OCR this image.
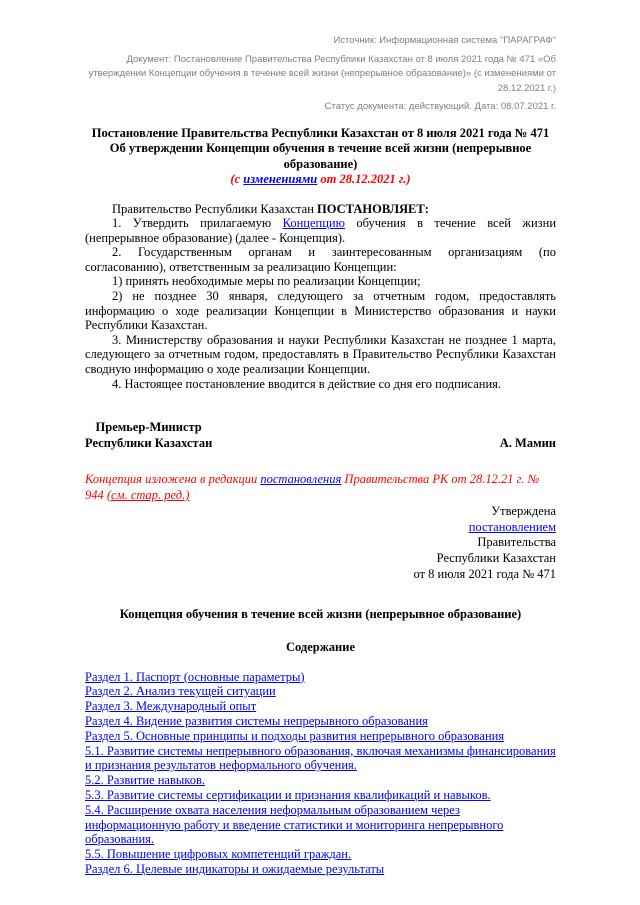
Источник: Информационная система "ПАРАГРАФ"
Документ: Постановление Правительства Республики Казахстан от 8 июля 2021 года № 471 «Об утверждении Концепции обучения в течение всей жизни (непрерывное образование)» (с изменениями от 28.12.2021 г.)
Статус документа: действующий. Дата: 08.07.2021 г.
Постановление Правительства Республики Казахстан от 8 июля 2021 года № 471
Об утверждении Концепции обучения в течение всей жизни (непрерывное образование)
(с изменениями от 28.12.2021 г.)

Правительство Республики Казахстан ПОСТАНОВЛЯЕТ:

1. Утвердить прилагаемую Концепцию обучения в течение всей жизни (непрерывное образование) (далее - Концепция).

2. Государственным органам и заинтересованным организациям (по согласованию), ответственным за реализацию Концепции:

1) принять необходимые меры по реализации Концепции;

2) не позднее 30 января, следующего за отчетным годом, предоставлять информацию о ходе реализации Концепции в Министерство образования и науки Республики Казахстан.

3. Министерству образования и науки Республики Казахстан не позднее 1 марта, следующего за отчетным годом, предоставлять в Правительство Республики Казахстан сводную информацию о ходе реализации Концепции.

4. Настоящее постановление вводится в действие со дня его подписания.

Премьер-Министр
Республики Казахстан	А. Мамин
Концепция изложена в редакции постановления Правительства РК от 28.12.21 г. № 944 (см. стар. ред.)
Утверждена
постановлением
Правительства
Республики Казахстан
от 8 июля 2021 года № 471
Концепция обучения в течение всей жизни (непрерывное образование)
Содержание
Раздел 1. Паспорт (основные параметры)
Раздел 2. Анализ текущей ситуации
Раздел 3. Международный опыт
Раздел 4. Видение развития системы непрерывного образования
Раздел 5. Основные принципы и подходы развития непрерывного образования
5.1. Развитие системы непрерывного образования, включая механизмы финансирования и признания результатов неформального обучения.
5.2. Развитие навыков.
5.3. Развитие системы сертификации и признания квалификаций и навыков.
5.4. Расширение охвата населения неформальным образованием через информационную работу и введение статистики и мониторинга непрерывного образования.
5.5. Повышение цифровых компетенций граждан.
Раздел 6. Целевые индикаторы и ожидаемые результаты
